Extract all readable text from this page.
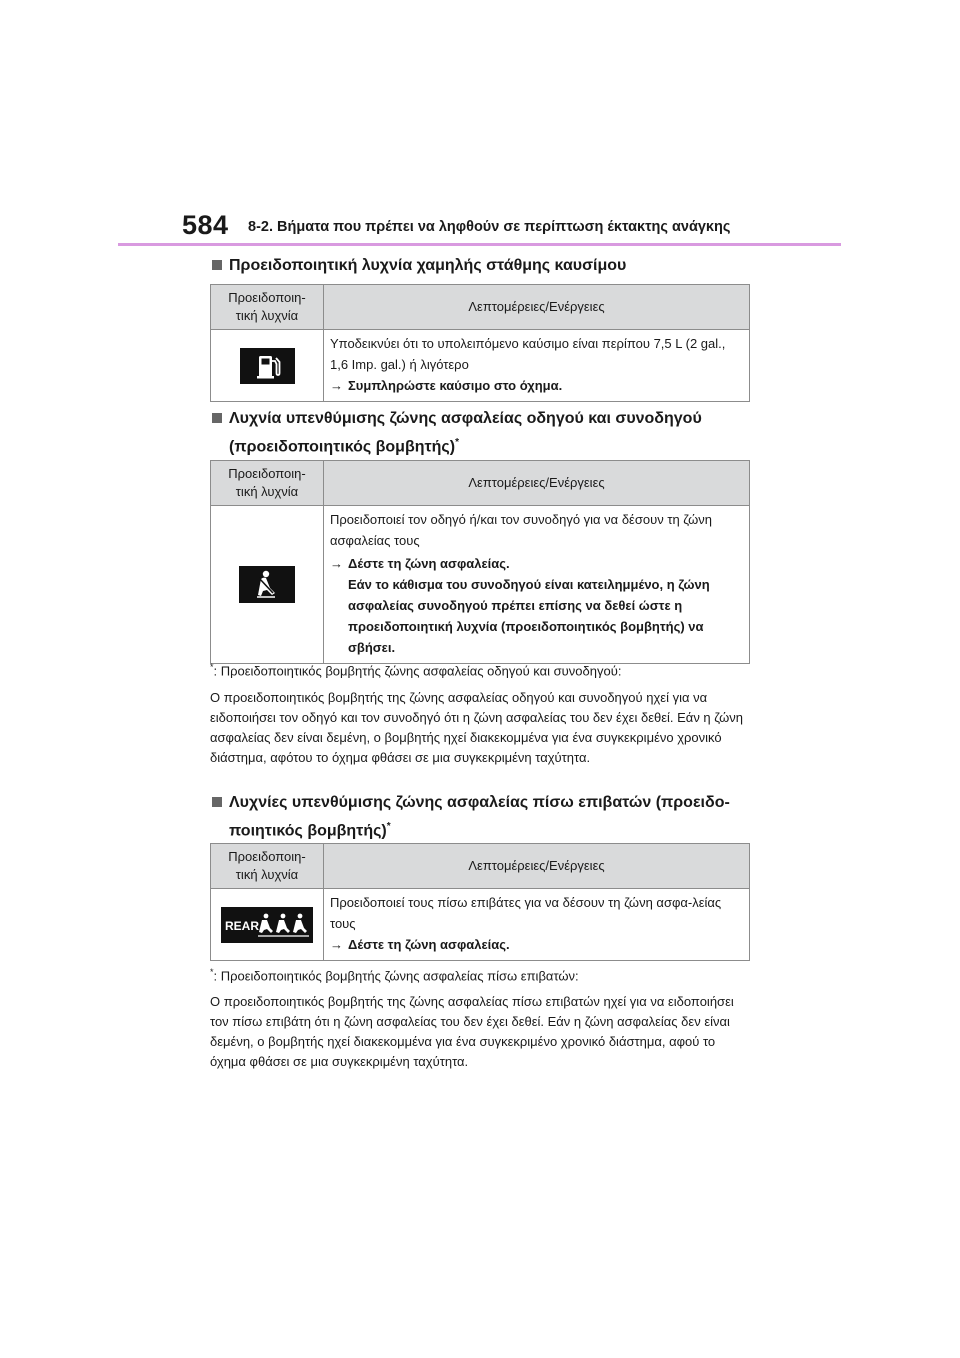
584 8-2. Βήματα που πρέπει να ληφθούν σε περίπτωση έκτακτης ανάγκης
Προειδοποιητική λυχνία χαμηλής στάθμης καυσίμου
Προειδοποιη-
τική λυχνία	Λεπτομέρειες/Ενέργειες

Υποδεικνύει ότι το υπολειπόμενο καύσιμο είναι περίπου 7,5 L (2 gal., 1,6 Imp. gal.) ή λιγότερο
→ Συμπληρώστε καύσιμο στο όχημα.
Λυχνία υπενθύμισης ζώνης ασφαλείας οδηγού και συνοδηγού (προειδοποιητικός βομβητής)*
Προειδοποιη-
τική λυχνία	Λεπτομέρειες/Ενέργειες

Προειδοποιεί τον οδηγό ή/και τον συνοδηγό για να δέσουν τη ζώνη ασφαλείας τους
→ Δέστε τη ζώνη ασφαλείας.
Εάν το κάθισμα του συνοδηγού είναι κατειλημμένο, η ζώνη ασφαλείας συνοδηγού πρέπει επίσης να δεθεί ώστε η προειδοποιητική λυχνία (προειδοποιητικός βομβητής) να σβήσει.
*: Προειδοποιητικός βομβητής ζώνης ασφαλείας οδηγού και συνοδηγού:
Ο προειδοποιητικός βομβητής της ζώνης ασφαλείας οδηγού και συνοδηγού ηχεί για να ειδοποιήσει τον οδηγό και τον συνοδηγό ότι η ζώνη ασφαλείας του δεν έχει δεθεί. Εάν η ζώνη ασφαλείας δεν είναι δεμένη, ο βομβητής ηχεί διακεκομμένα για ένα συγκεκριμένο χρονικό διάστημα, αφότου το όχημα φθάσει σε μια συγκεκριμένη ταχύτητα.
Λυχνίες υπενθύμισης ζώνης ασφαλείας πίσω επιβατών (προειδο-ποιητικός βομβητής)*
Προειδοποιη-
τική λυχνία	Λεπτομέρειες/Ενέργειες

REAR	Προειδοποιεί τους πίσω επιβάτες για να δέσουν τη ζώνη ασφα-λείας τους
→ Δέστε τη ζώνη ασφαλείας.
*: Προειδοποιητικός βομβητής ζώνης ασφαλείας πίσω επιβατών:
Ο προειδοποιητικός βομβητής της ζώνης ασφαλείας πίσω επιβατών ηχεί για να ειδοποιήσει τον πίσω επιβάτη ότι η ζώνη ασφαλείας του δεν έχει δεθεί. Εάν η ζώνη ασφαλείας δεν είναι δεμένη, ο βομβητής ηχεί διακεκομμένα για ένα συγκεκριμένο χρονικό διάστημα, αφού το όχημα φθάσει σε μια συγκεκριμένη ταχύτητα.
